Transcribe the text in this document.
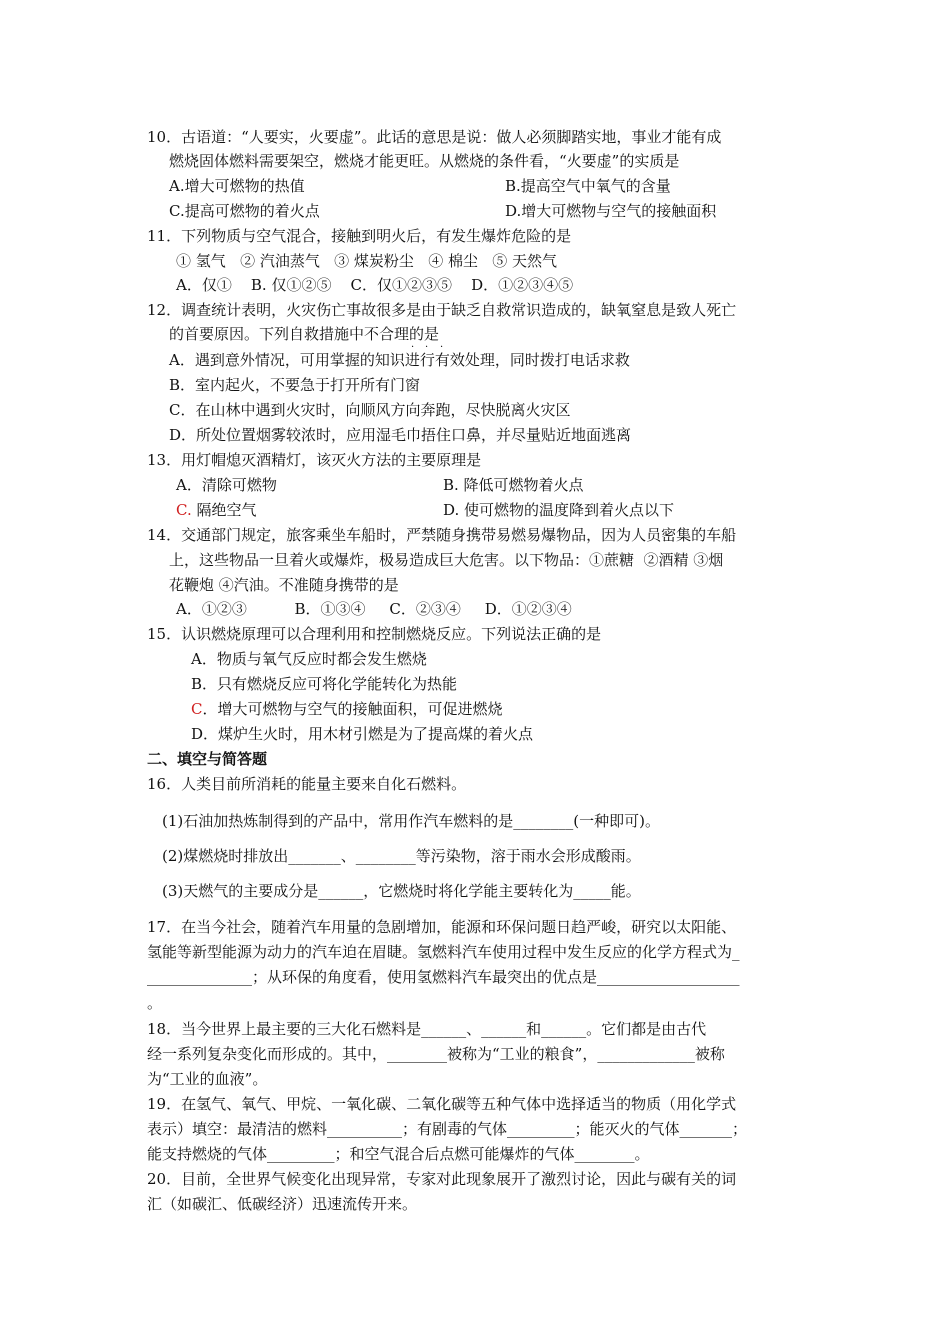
10．古语道：“人要实，火要虚”。此话的意思是说：做人必须脚踏实地，事业才能有成
燃烧固体燃料需要架空，燃烧才能更旺。从燃烧的条件看，“火要虚”的实质是
A.增大可燃物的热值	B.提高空气中氧气的含量
C.提高可燃物的着火点	D.增大可燃物与空气的接触面积
11．下列物质与空气混合，接触到明火后，有发生爆炸危险的是
① 氢气   ② 汽油蒸气   ③ 煤炭粉尘   ④ 棉尘   ⑤ 天然气
A．仅①    B. 仅①②⑤    C．仅①②③⑤    D．①②③④⑤
12．调查统计表明，火灾伤亡事故很多是由于缺乏自救常识造成的，缺氧窒息是致人死亡
的首要原因。下列自救措施中不合理的是
· · ·
A．遇到意外情况，可用掌握的知识进行有效处理，同时拨打电话求救
B．室内起火，不要急于打开所有门窗
C．在山林中遇到火灾时，向顺风方向奔跑，尽快脱离火灾区
D．所处位置烟雾较浓时，应用湿毛巾捂住口鼻，并尽量贴近地面逃离
13．用灯帽熄灭酒精灯，该灭火方法的主要原理是
A．清除可燃物	B. 降低可燃物着火点
C. 隔绝空气	D. 使可燃物的温度降到着火点以下
14．交通部门规定，旅客乘坐车船时，严禁随身携带易燃易爆物品，因为人员密集的车船
上，这些物品一旦着火或爆炸，极易造成巨大危害。以下物品：①蔗糖  ②酒精 ③烟
花鞭炮 ④汽油。不准随身携带的是
A．①②③          B．①③④     C．②③④     D．①②③④
15．认识燃烧原理可以合理利用和控制燃烧反应。下列说法正确的是
A．物质与氧气反应时都会发生燃烧
B．只有燃烧反应可将化学能转化为热能
C．增大可燃物与空气的接触面积，可促进燃烧
D．煤炉生火时，用木材引燃是为了提高煤的着火点
二、填空与简答题
16．人类目前所消耗的能量主要来自化石燃料。
(1)石油加热炼制得到的产品中，常用作汽车燃料的是________(一种即可)。
(2)煤燃烧时排放出_______、________等污染物，溶于雨水会形成酸雨。
(3)天燃气的主要成分是______，它燃烧时将化学能主要转化为_____能。
17．在当今社会，随着汽车用量的急剧增加，能源和环保问题日趋严峻，研究以太阳能、
氢能等新型能源为动力的汽车迫在眉睫。氢燃料汽车使用过程中发生反应的化学方程式为_
______________；从环保的角度看，使用氢燃料汽车最突出的优点是___________________
。
18．当今世界上最主要的三大化石燃料是______、______和______。它们都是由古代
经一系列复杂变化而形成的。其中，________被称为“工业的粮食”，_____________被称
为“工业的血液”。
19．在氢气、氧气、甲烷、一氧化碳、二氧化碳等五种气体中选择适当的物质（用化学式
表示）填空：最清洁的燃料__________；有剧毒的气体_________；能灭火的气体_______；
能支持燃烧的气体_________；和空气混合后点燃可能爆炸的气体________。
20．目前，全世界气候变化出现异常，专家对此现象展开了激烈讨论，因此与碳有关的词
汇（如碳汇、低碳经济）迅速流传开来。
